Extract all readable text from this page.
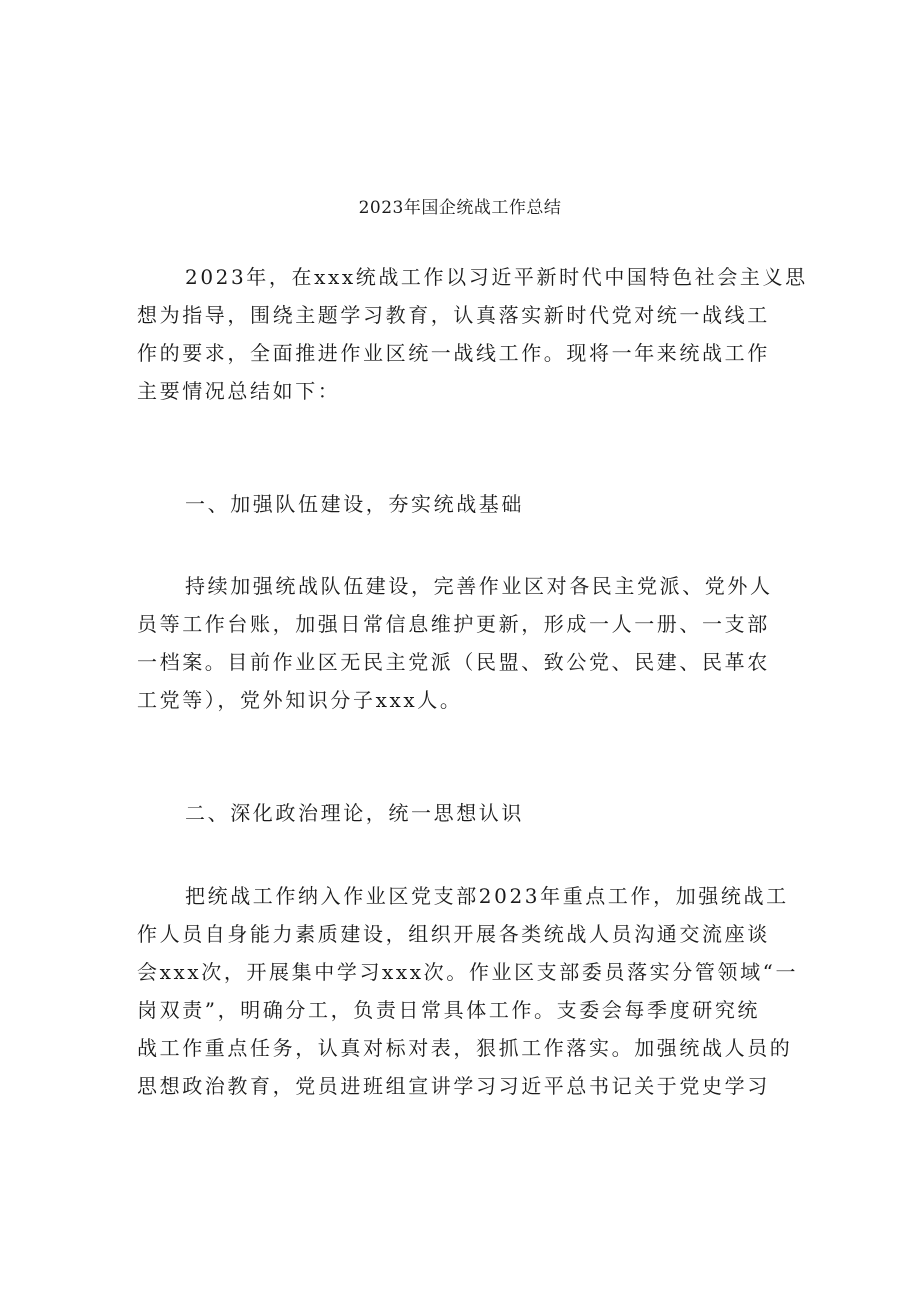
2023年国企统战工作总结
2023年，在xxx统战工作以习近平新时代中国特色社会主义思
想为指导，围绕主题学习教育，认真落实新时代党对统一战线工
作的要求，全面推进作业区统一战线工作。现将一年来统战工作
主要情况总结如下：
一、加强队伍建设，夯实统战基础
持续加强统战队伍建设，完善作业区对各民主党派、党外人
员等工作台账，加强日常信息维护更新，形成一人一册、一支部
一档案。目前作业区无民主党派（民盟、致公党、民建、民革农
工党等），党外知识分子xxx人。
二、深化政治理论，统一思想认识
把统战工作纳入作业区党支部2023年重点工作，加强统战工
作人员自身能力素质建设，组织开展各类统战人员沟通交流座谈
会xxx次，开展集中学习xxx次。作业区支部委员落实分管领域“一
岗双责”，明确分工，负责日常具体工作。支委会每季度研究统
战工作重点任务，认真对标对表，狠抓工作落实。加强统战人员的
思想政治教育，党员进班组宣讲学习习近平总书记关于党史学习
